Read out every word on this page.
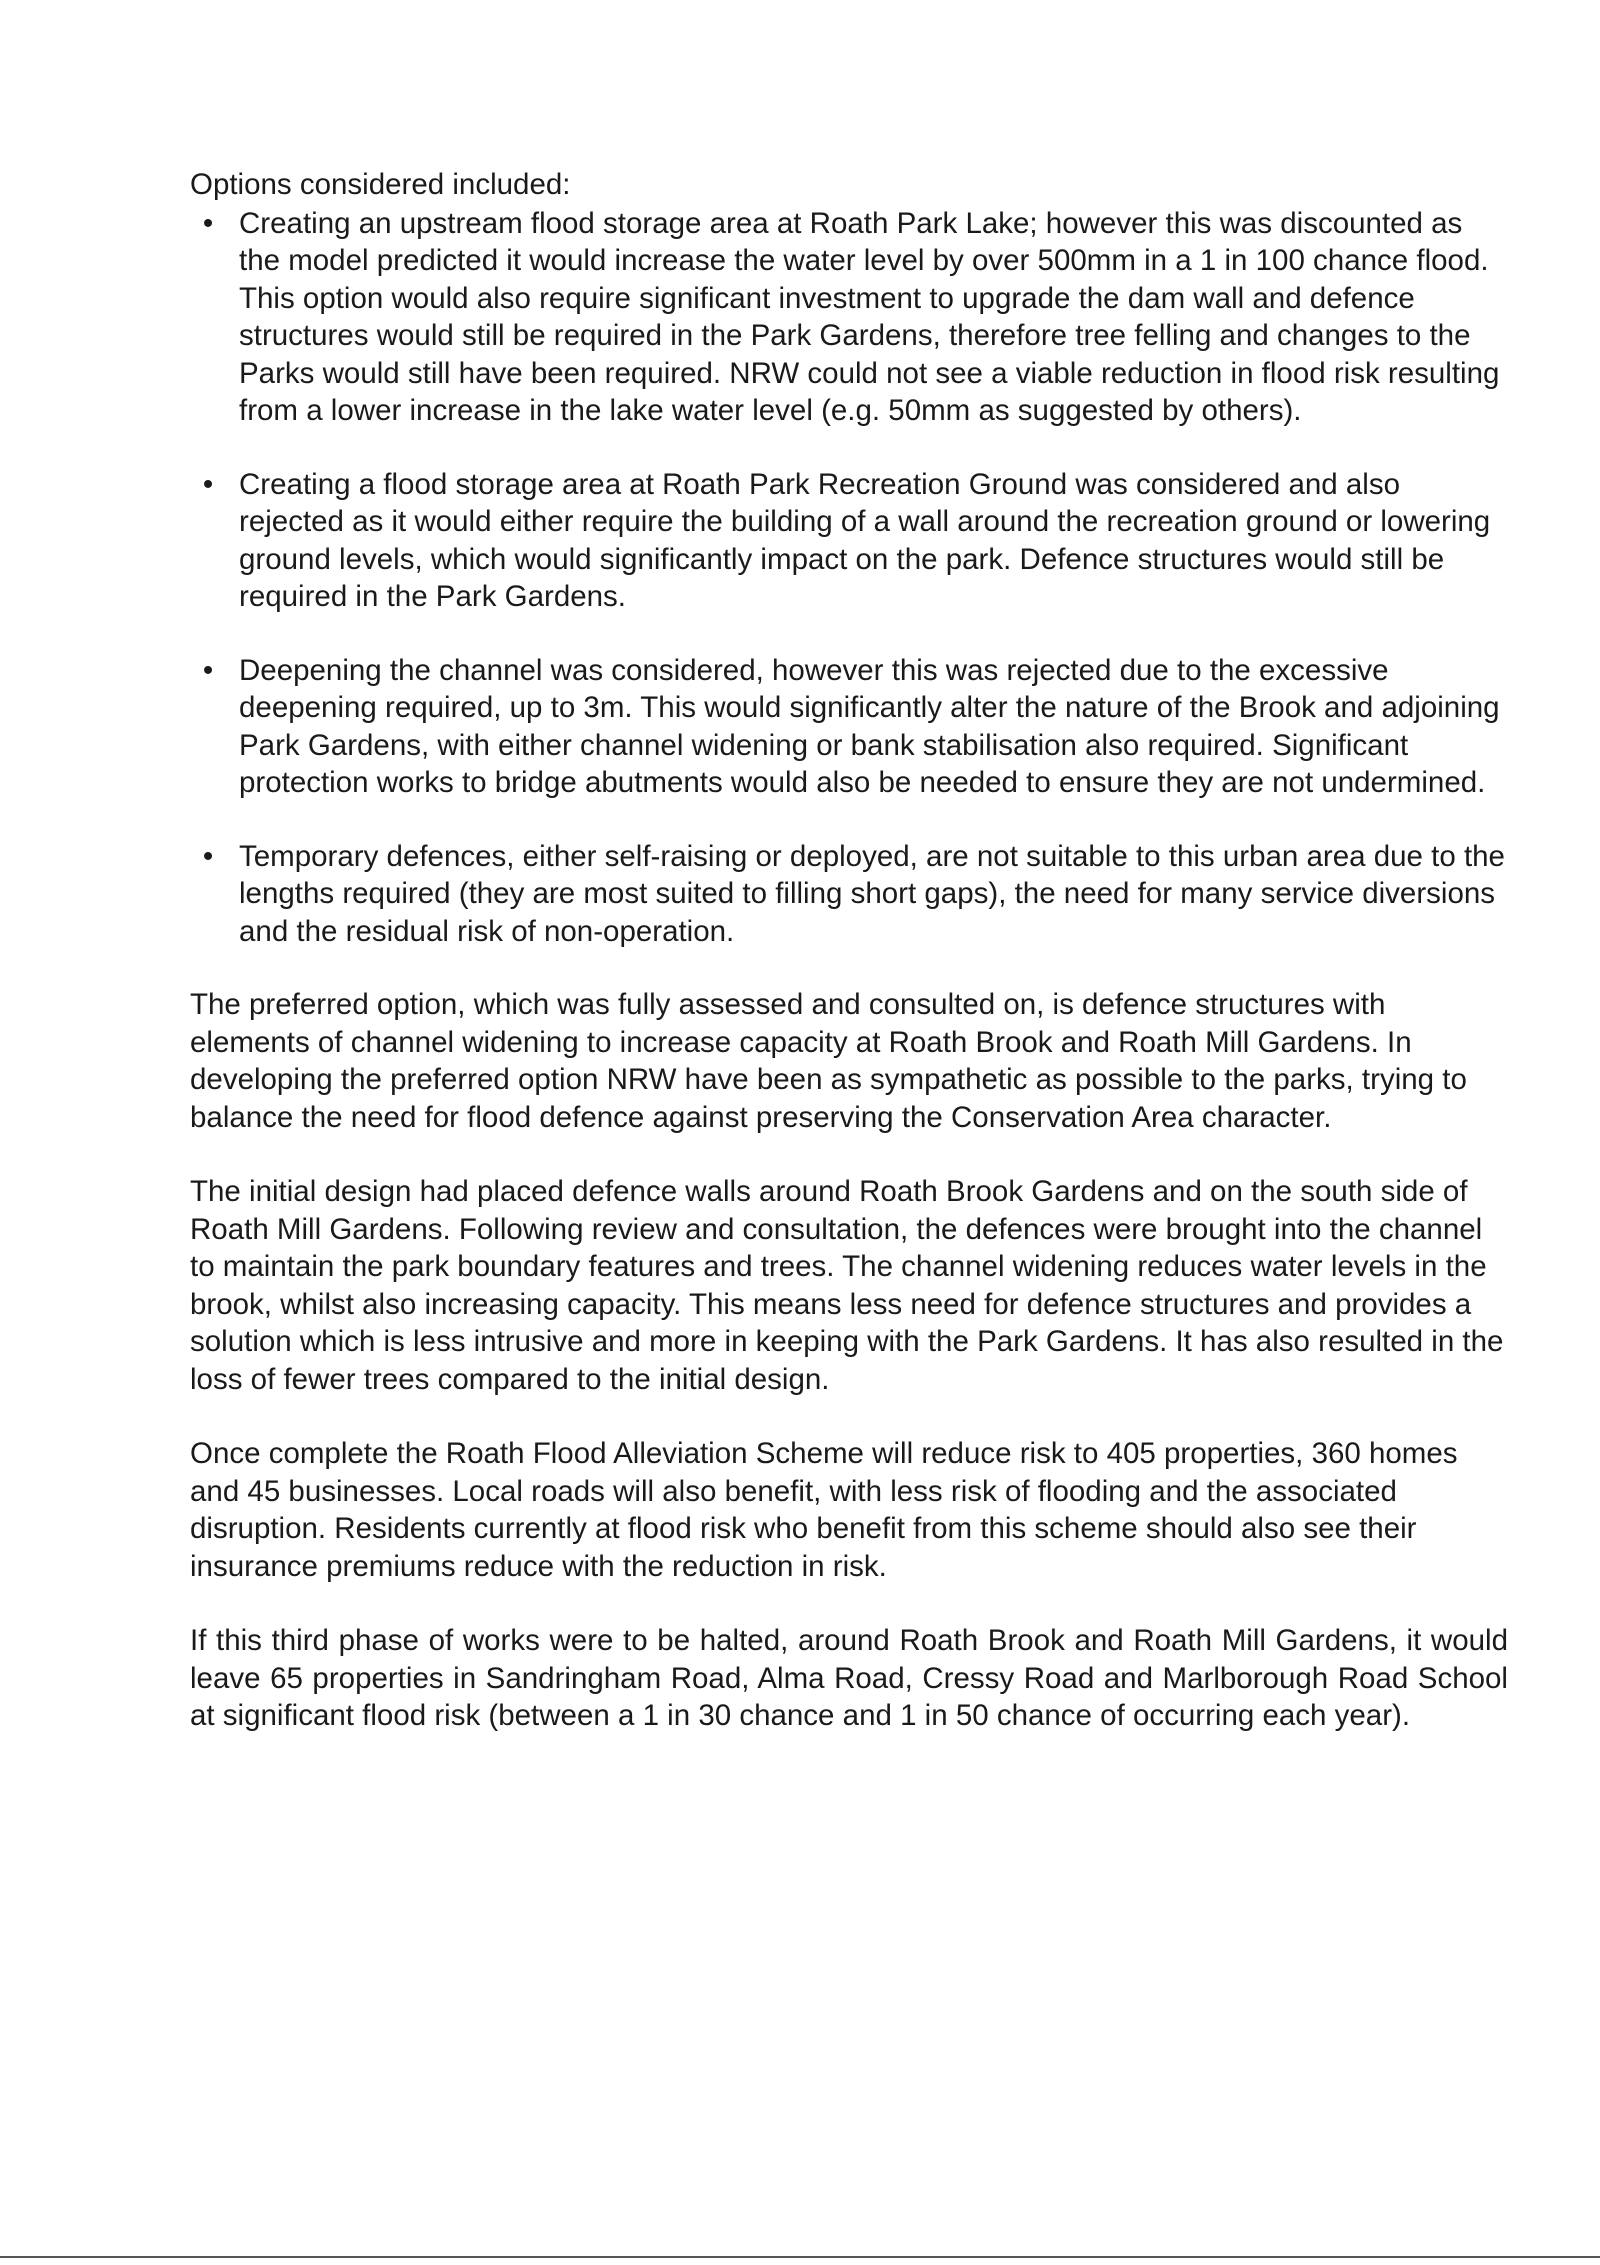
Options considered included:

• Creating an upstream flood storage area at Roath Park Lake; however this was discounted as the model predicted it would increase the water level by over 500mm in a 1 in 100 chance flood. This option would also require significant investment to upgrade the dam wall and defence structures would still be required in the Park Gardens, therefore tree felling and changes to the Parks would still have been required. NRW could not see a viable reduction in flood risk resulting from a lower increase in the lake water level (e.g. 50mm as suggested by others).
• Creating a flood storage area at Roath Park Recreation Ground was considered and also rejected as it would either require the building of a wall around the recreation ground or lowering ground levels, which would significantly impact on the park. Defence structures would still be required in the Park Gardens.
• Deepening the channel was considered, however this was rejected due to the excessive deepening required, up to 3m. This would significantly alter the nature of the Brook and adjoining Park Gardens, with either channel widening or bank stabilisation also required. Significant protection works to bridge abutments would also be needed to ensure they are not undermined.
• Temporary defences, either self-raising or deployed, are not suitable to this urban area due to the lengths required (they are most suited to filling short gaps), the need for many service diversions and the residual risk of non-operation.

The preferred option, which was fully assessed and consulted on, is defence structures with elements of channel widening to increase capacity at Roath Brook and Roath Mill Gardens. In developing the preferred option NRW have been as sympathetic as possible to the parks, trying to balance the need for flood defence against preserving the Conservation Area character.

The initial design had placed defence walls around Roath Brook Gardens and on the south side of Roath Mill Gardens. Following review and consultation, the defences were brought into the channel to maintain the park boundary features and trees. The channel widening reduces water levels in the brook, whilst also increasing capacity. This means less need for defence structures and provides a solution which is less intrusive and more in keeping with the Park Gardens. It has also resulted in the loss of fewer trees compared to the initial design.

Once complete the Roath Flood Alleviation Scheme will reduce risk to 405 properties, 360 homes and 45 businesses. Local roads will also benefit, with less risk of flooding and the associated disruption. Residents currently at flood risk who benefit from this scheme should also see their insurance premiums reduce with the reduction in risk.

If this third phase of works were to be halted, around Roath Brook and Roath Mill Gardens, it would leave 65 properties in Sandringham Road, Alma Road, Cressy Road and Marlborough Road School at significant flood risk (between a 1 in 30 chance and 1 in 50 chance of occurring each year).
